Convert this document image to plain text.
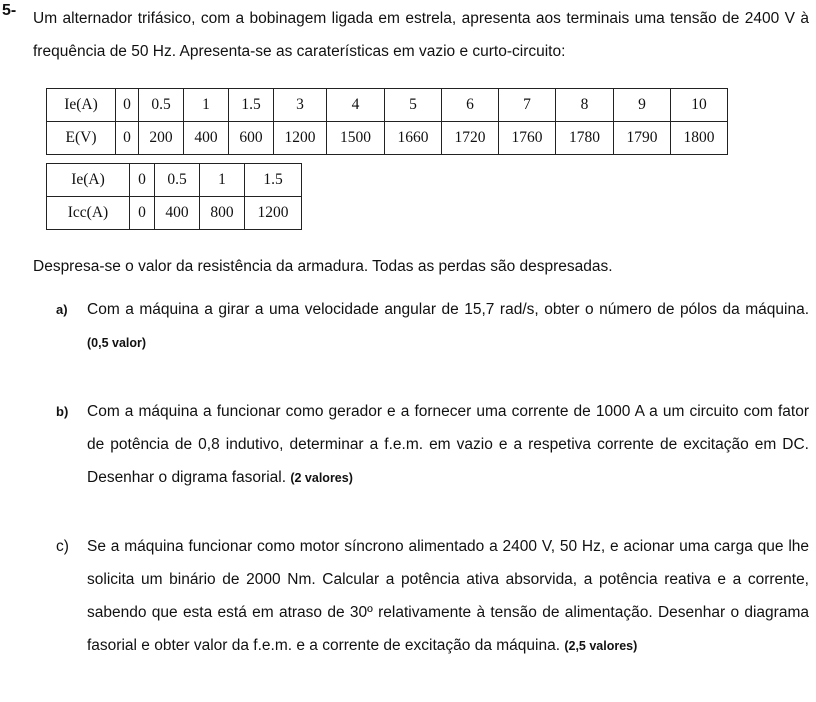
5- Um alternador trifásico, com a bobinagem ligada em estrela, apresenta aos terminais uma tensão de 2400 V à frequência de 50 Hz. Apresenta-se as caraterísticas em vazio e curto-circuito:
Ie(A)	0	0.5	1	1.5	3	4	5	6	7	8	9	10
E(V)	0	200	400	600	1200	1500	1660	1720	1760	1780	1790	1800
Ie(A)	0	0.5	1	1.5
Icc(A)	0	400	800	1200
Despresa-se o valor da resistência da armadura. Todas as perdas são despresadas.
a) Com a máquina a girar a uma velocidade angular de 15,7 rad/s, obter o número de pólos da máquina. (0,5 valor)
b) Com a máquina a funcionar como gerador e a fornecer uma corrente de 1000 A a um circuito com fator de potência de 0,8 indutivo, determinar a f.e.m. em vazio e a respetiva corrente de excitação em DC. Desenhar o digrama fasorial. (2 valores)
c) Se a máquina funcionar como motor síncrono alimentado a 2400 V, 50 Hz, e acionar uma carga que lhe solicita um binário de 2000 Nm. Calcular a potência ativa absorvida, a potência reativa e a corrente, sabendo que esta está em atraso de 30º relativamente à tensão de alimentação. Desenhar o diagrama fasorial e obter valor da f.e.m. e a corrente de excitação da máquina. (2,5 valores)
